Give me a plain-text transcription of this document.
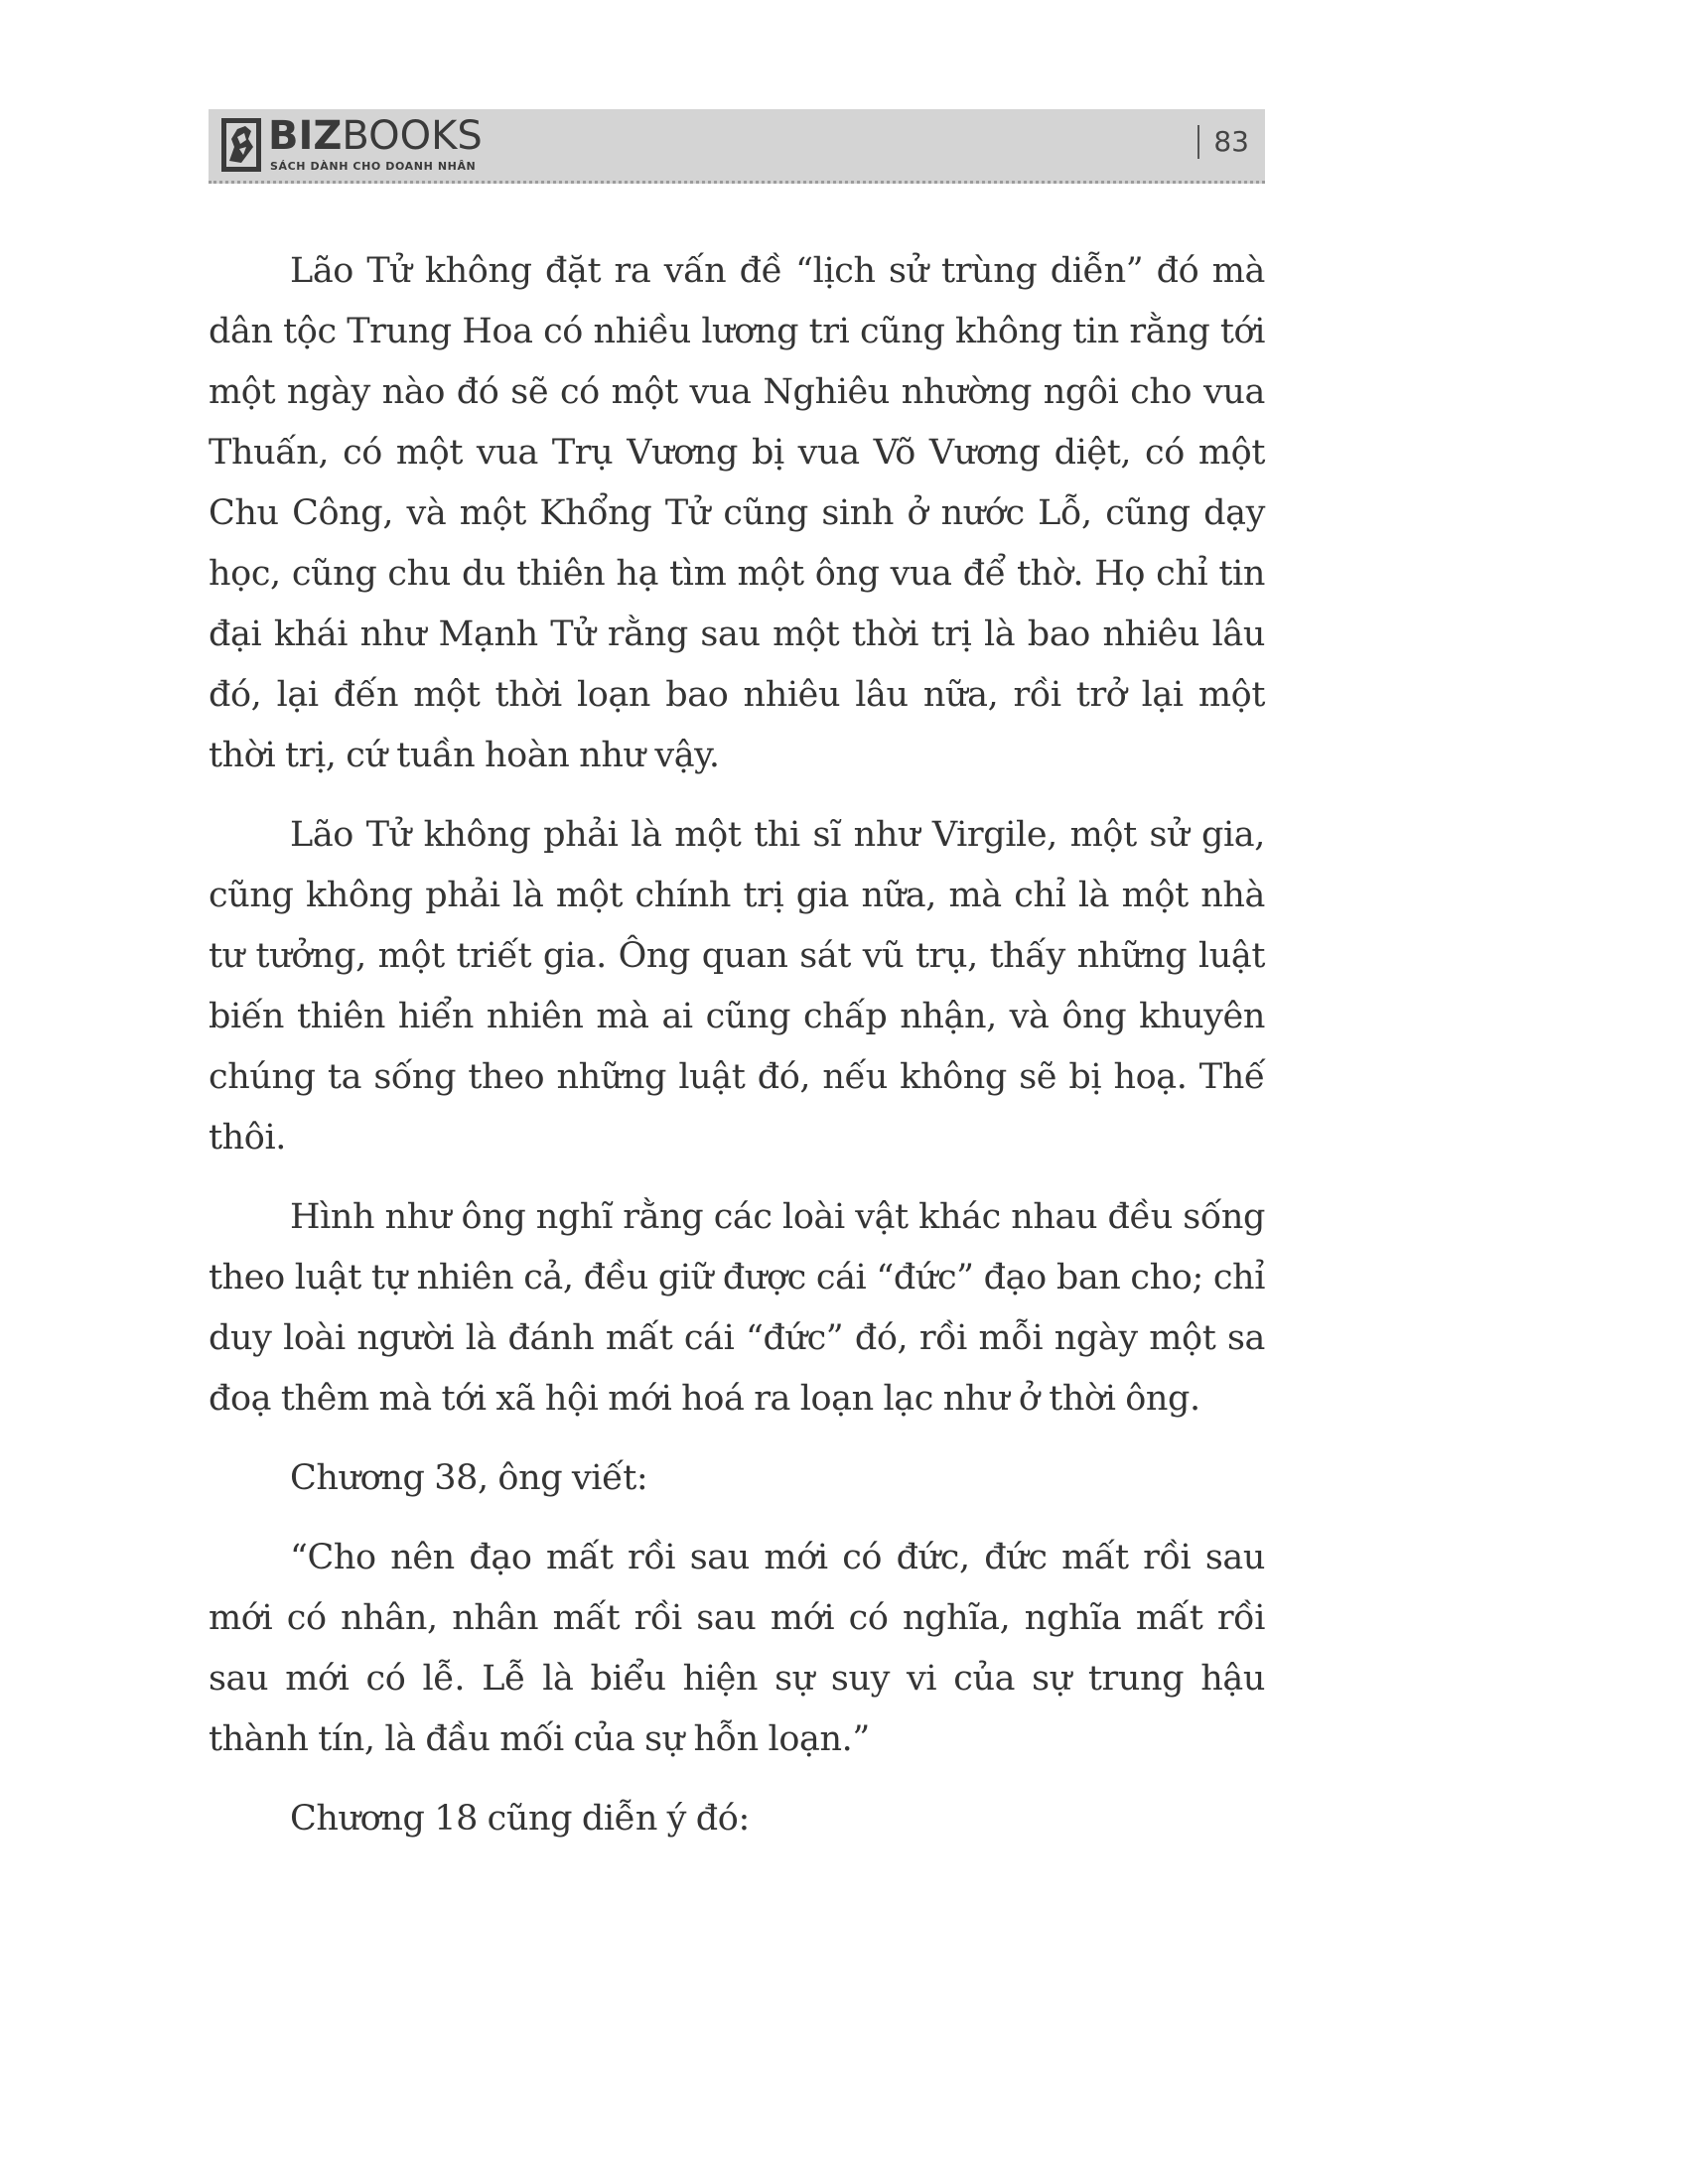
BIZBOOKS
SÁCH DÀNH CHO DOANH NHÂN
83

Lão Tử không đặt ra vấn đề “lịch sử trùng diễn” đó mà dân tộc Trung Hoa có nhiều lương tri cũng không tin rằng tới một ngày nào đó sẽ có một vua Nghiêu nhường ngôi cho vua Thuấn, có một vua Trụ Vương bị vua Võ Vương diệt, có một Chu Công, và một Khổng Tử cũng sinh ở nước Lỗ, cũng dạy học, cũng chu du thiên hạ tìm một ông vua để thờ. Họ chỉ tin đại khái như Mạnh Tử rằng sau một thời trị là bao nhiêu lâu đó, lại đến một thời loạn bao nhiêu lâu nữa, rồi trở lại một thời trị, cứ tuần hoàn như vậy.

Lão Tử không phải là một thi sĩ như Virgile, một sử gia, cũng không phải là một chính trị gia nữa, mà chỉ là một nhà tư tưởng, một triết gia. Ông quan sát vũ trụ, thấy những luật biến thiên hiển nhiên mà ai cũng chấp nhận, và ông khuyên chúng ta sống theo những luật đó, nếu không sẽ bị hoạ. Thế thôi.

Hình như ông nghĩ rằng các loài vật khác nhau đều sống theo luật tự nhiên cả, đều giữ được cái “đức” đạo ban cho; chỉ duy loài người là đánh mất cái “đức” đó, rồi mỗi ngày một sa đoạ thêm mà tới xã hội mới hoá ra loạn lạc như ở thời ông.

Chương 38, ông viết:

“Cho nên đạo mất rồi sau mới có đức, đức mất rồi sau mới có nhân, nhân mất rồi sau mới có nghĩa, nghĩa mất rồi sau mới có lễ. Lễ là biểu hiện sự suy vi của sự trung hậu thành tín, là đầu mối của sự hỗn loạn.”

Chương 18 cũng diễn ý đó:
